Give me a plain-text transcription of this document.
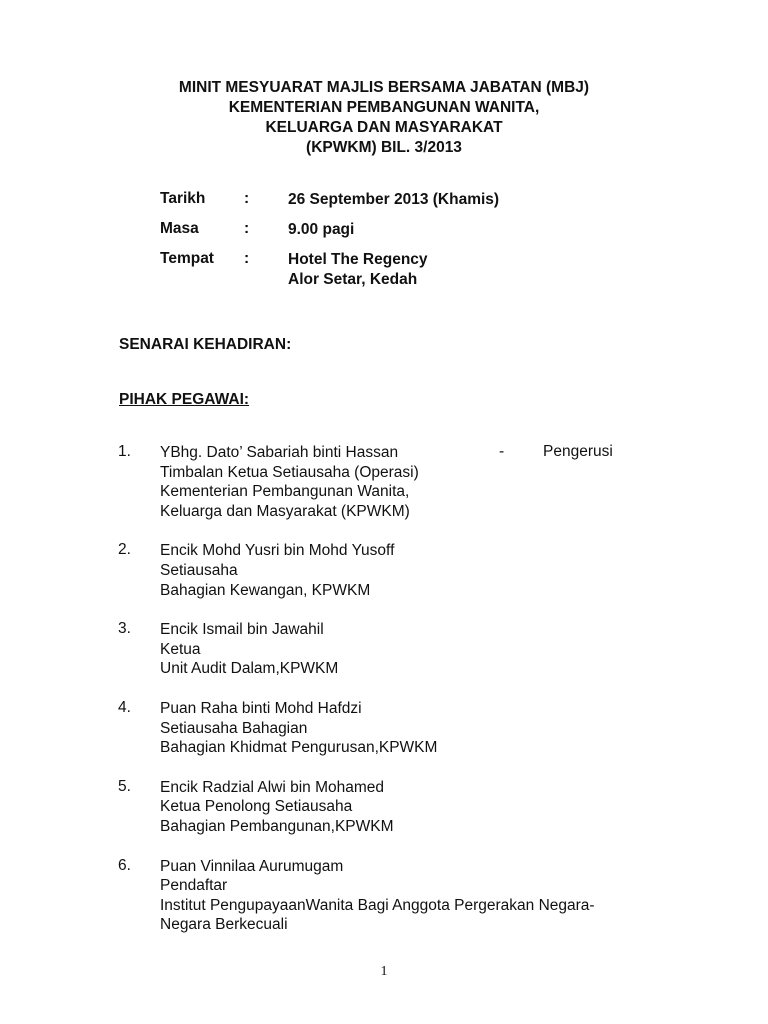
MINIT MESYUARAT MAJLIS BERSAMA JABATAN (MBJ)
KEMENTERIAN PEMBANGUNAN WANITA,
KELUARGA DAN MASYARAKAT
(KPWKM) BIL. 3/2013
Tarikh :	26 September 2013 (Khamis)
Masa	:	9.00 pagi
Tempat :	Hotel The Regency
Alor Setar, Kedah
SENARAI KEHADIRAN:
PIHAK PEGAWAI:
1. YBhg. Dato’ Sabariah binti Hassan
Timbalan Ketua Setiausaha (Operasi)
Kementerian Pembangunan Wanita,
Keluarga dan Masyarakat (KPWKM)
-	Pengerusi
2. Encik Mohd Yusri bin Mohd Yusoff
Setiausaha
Bahagian Kewangan, KPWKM
3. Encik Ismail bin Jawahil
Ketua
Unit Audit Dalam,KPWKM
4. Puan Raha binti Mohd Hafdzi
Setiausaha Bahagian
Bahagian Khidmat Pengurusan,KPWKM
5. Encik Radzial Alwi bin Mohamed
Ketua Penolong Setiausaha
Bahagian Pembangunan,KPWKM
6. Puan Vinnilaa Aurumugam
Pendaftar
Institut PengupayaanWanita Bagi Anggota Pergerakan Negara-
Negara Berkecuali
1
